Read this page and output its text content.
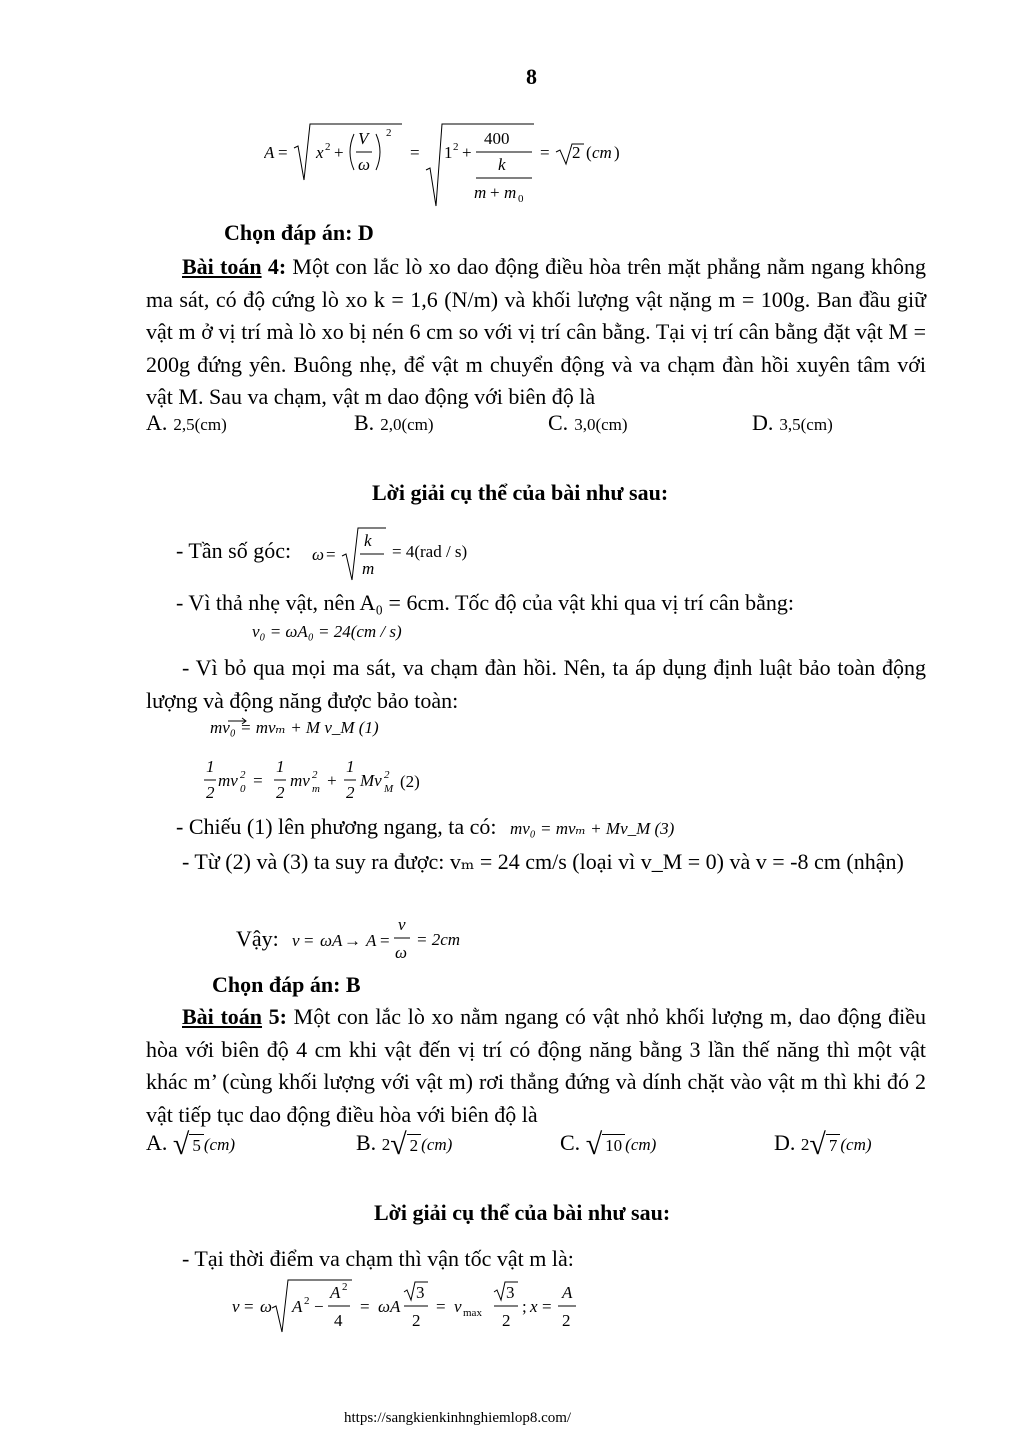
8
A = x 2 +
V
ω
2
= 1 2 +
400
k
m + m 0
= 2 ( cm )
Chọn đáp án: D
Bài toán 4: Một con lắc lò xo dao động điều hòa trên mặt phẳng nằm ngang không ma sát, có độ cứng lò xo k = 1,6 (N/m) và khối lượng vật nặng m = 100g. Ban đầu giữ vật m ở vị trí mà lò xo bị nén 6 cm so với vị trí cân bằng. Tại vị trí cân bằng đặt vật M = 200g đứng yên. Buông nhẹ, để vật m chuyển động và va chạm đàn hồi xuyên tâm với vật M. Sau va chạm, vật m dao động với biên độ là
A. 2,5(cm)	B. 2,0(cm)	C. 3,0(cm)	D. 3,5(cm)
Lời giải cụ thể của bài như sau:
- Tần số góc: ω =
k
m
= 4(rad / s)
- Vì thả nhẹ vật, nên A₀ = 6cm. Tốc độ của vật khi qua vị trí cân bằng:
v₀ = ωA₀ = 24(cm / s)
- Vì bỏ qua mọi ma sát, va chạm đàn hồi. Nên, ta áp dụng định luật bảo toàn động lượng và động năng được bảo toàn:
mv₀ = mvₘ + M v_M (1)
1
2
mv 2
0 =
1
2
mv 2
m +
1
2
Mv 2
M (2)
- Chiếu (1) lên phương ngang, ta có: mv₀ = mvₘ + Mv_M (3)
- Từ (2) và (3) ta suy ra được: vₘ = 24 cm/s (loại vì v_M = 0) và v = -8 cm (nhận)
Vậy: v = ωA → A =
v
ω
= 2cm
Chọn đáp án: B
Bài toán 5: Một con lắc lò xo nằm ngang có vật nhỏ khối lượng m, dao động điều hòa với biên độ 4 cm khi vật đến vị trí có động năng bằng 3 lần thế năng thì một vật khác m’ (cùng khối lượng với vật m) rơi thẳng đứng và dính chặt vào vật m thì khi đó 2 vật tiếp tục dao động điều hòa với biên độ là
A. √ 5 (cm)	B. 2 √ 2 (cm)	C. √ 10 (cm)	D. 2 √ 7 (cm)
Lời giải cụ thể của bài như sau:
- Tại thời điểm va chạm thì vận tốc vật m là:
v = ω A 2 −
A 2
4
= ωA
3
2
= v max
3
2
; x =
A
2
https://sangkienkinhnghiemlop8.com/
